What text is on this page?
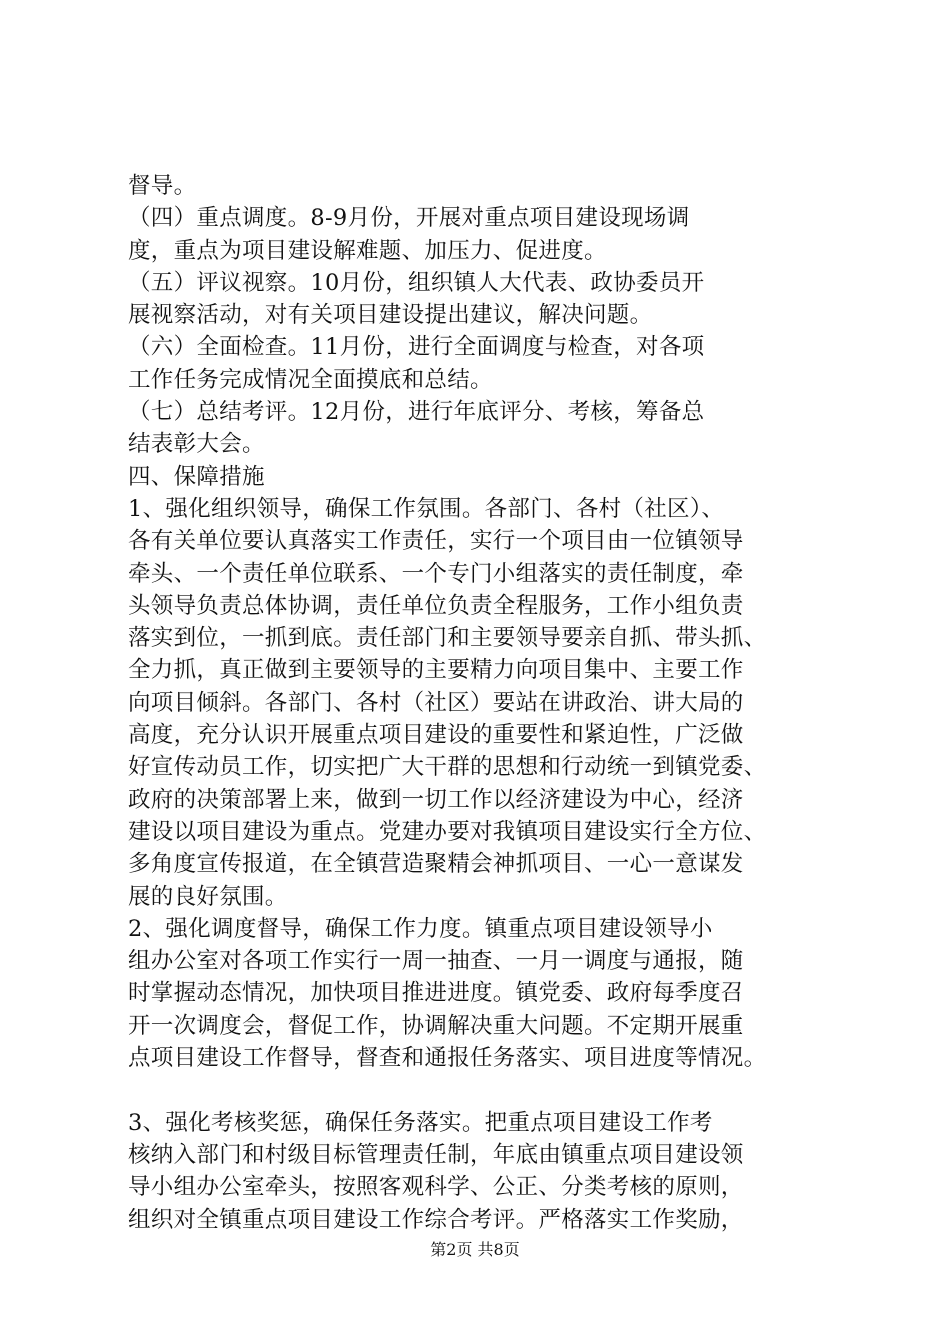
督导。
（四）重点调度。8-9月份，开展对重点项目建设现场调
度，重点为项目建设解难题、加压力、促进度。
（五）评议视察。10月份，组织镇人大代表、政协委员开
展视察活动，对有关项目建设提出建议，解决问题。
（六）全面检查。11月份，进行全面调度与检查，对各项
工作任务完成情况全面摸底和总结。
（七）总结考评。12月份，进行年底评分、考核，筹备总
结表彰大会。
四、保障措施
1、强化组织领导，确保工作氛围。各部门、各村（社区）、
各有关单位要认真落实工作责任，实行一个项目由一位镇领导
牵头、一个责任单位联系、一个专门小组落实的责任制度，牵
头领导负责总体协调，责任单位负责全程服务，工作小组负责
落实到位，一抓到底。责任部门和主要领导要亲自抓、带头抓、
全力抓，真正做到主要领导的主要精力向项目集中、主要工作
向项目倾斜。各部门、各村（社区）要站在讲政治、讲大局的
高度，充分认识开展重点项目建设的重要性和紧迫性，广泛做
好宣传动员工作，切实把广大干群的思想和行动统一到镇党委、
政府的决策部署上来，做到一切工作以经济建设为中心，经济
建设以项目建设为重点。党建办要对我镇项目建设实行全方位、
多角度宣传报道，在全镇营造聚精会神抓项目、一心一意谋发
展的良好氛围。
2、强化调度督导，确保工作力度。镇重点项目建设领导小
组办公室对各项工作实行一周一抽查、一月一调度与通报，随
时掌握动态情况，加快项目推进进度。镇党委、政府每季度召
开一次调度会，督促工作，协调解决重大问题。不定期开展重
点项目建设工作督导，督查和通报任务落实、项目进度等情况。
3、强化考核奖惩，确保任务落实。把重点项目建设工作考
核纳入部门和村级目标管理责任制，年底由镇重点项目建设领
导小组办公室牵头，按照客观科学、公正、分类考核的原则，
组织对全镇重点项目建设工作综合考评。严格落实工作奖励，
第2页 共8页
